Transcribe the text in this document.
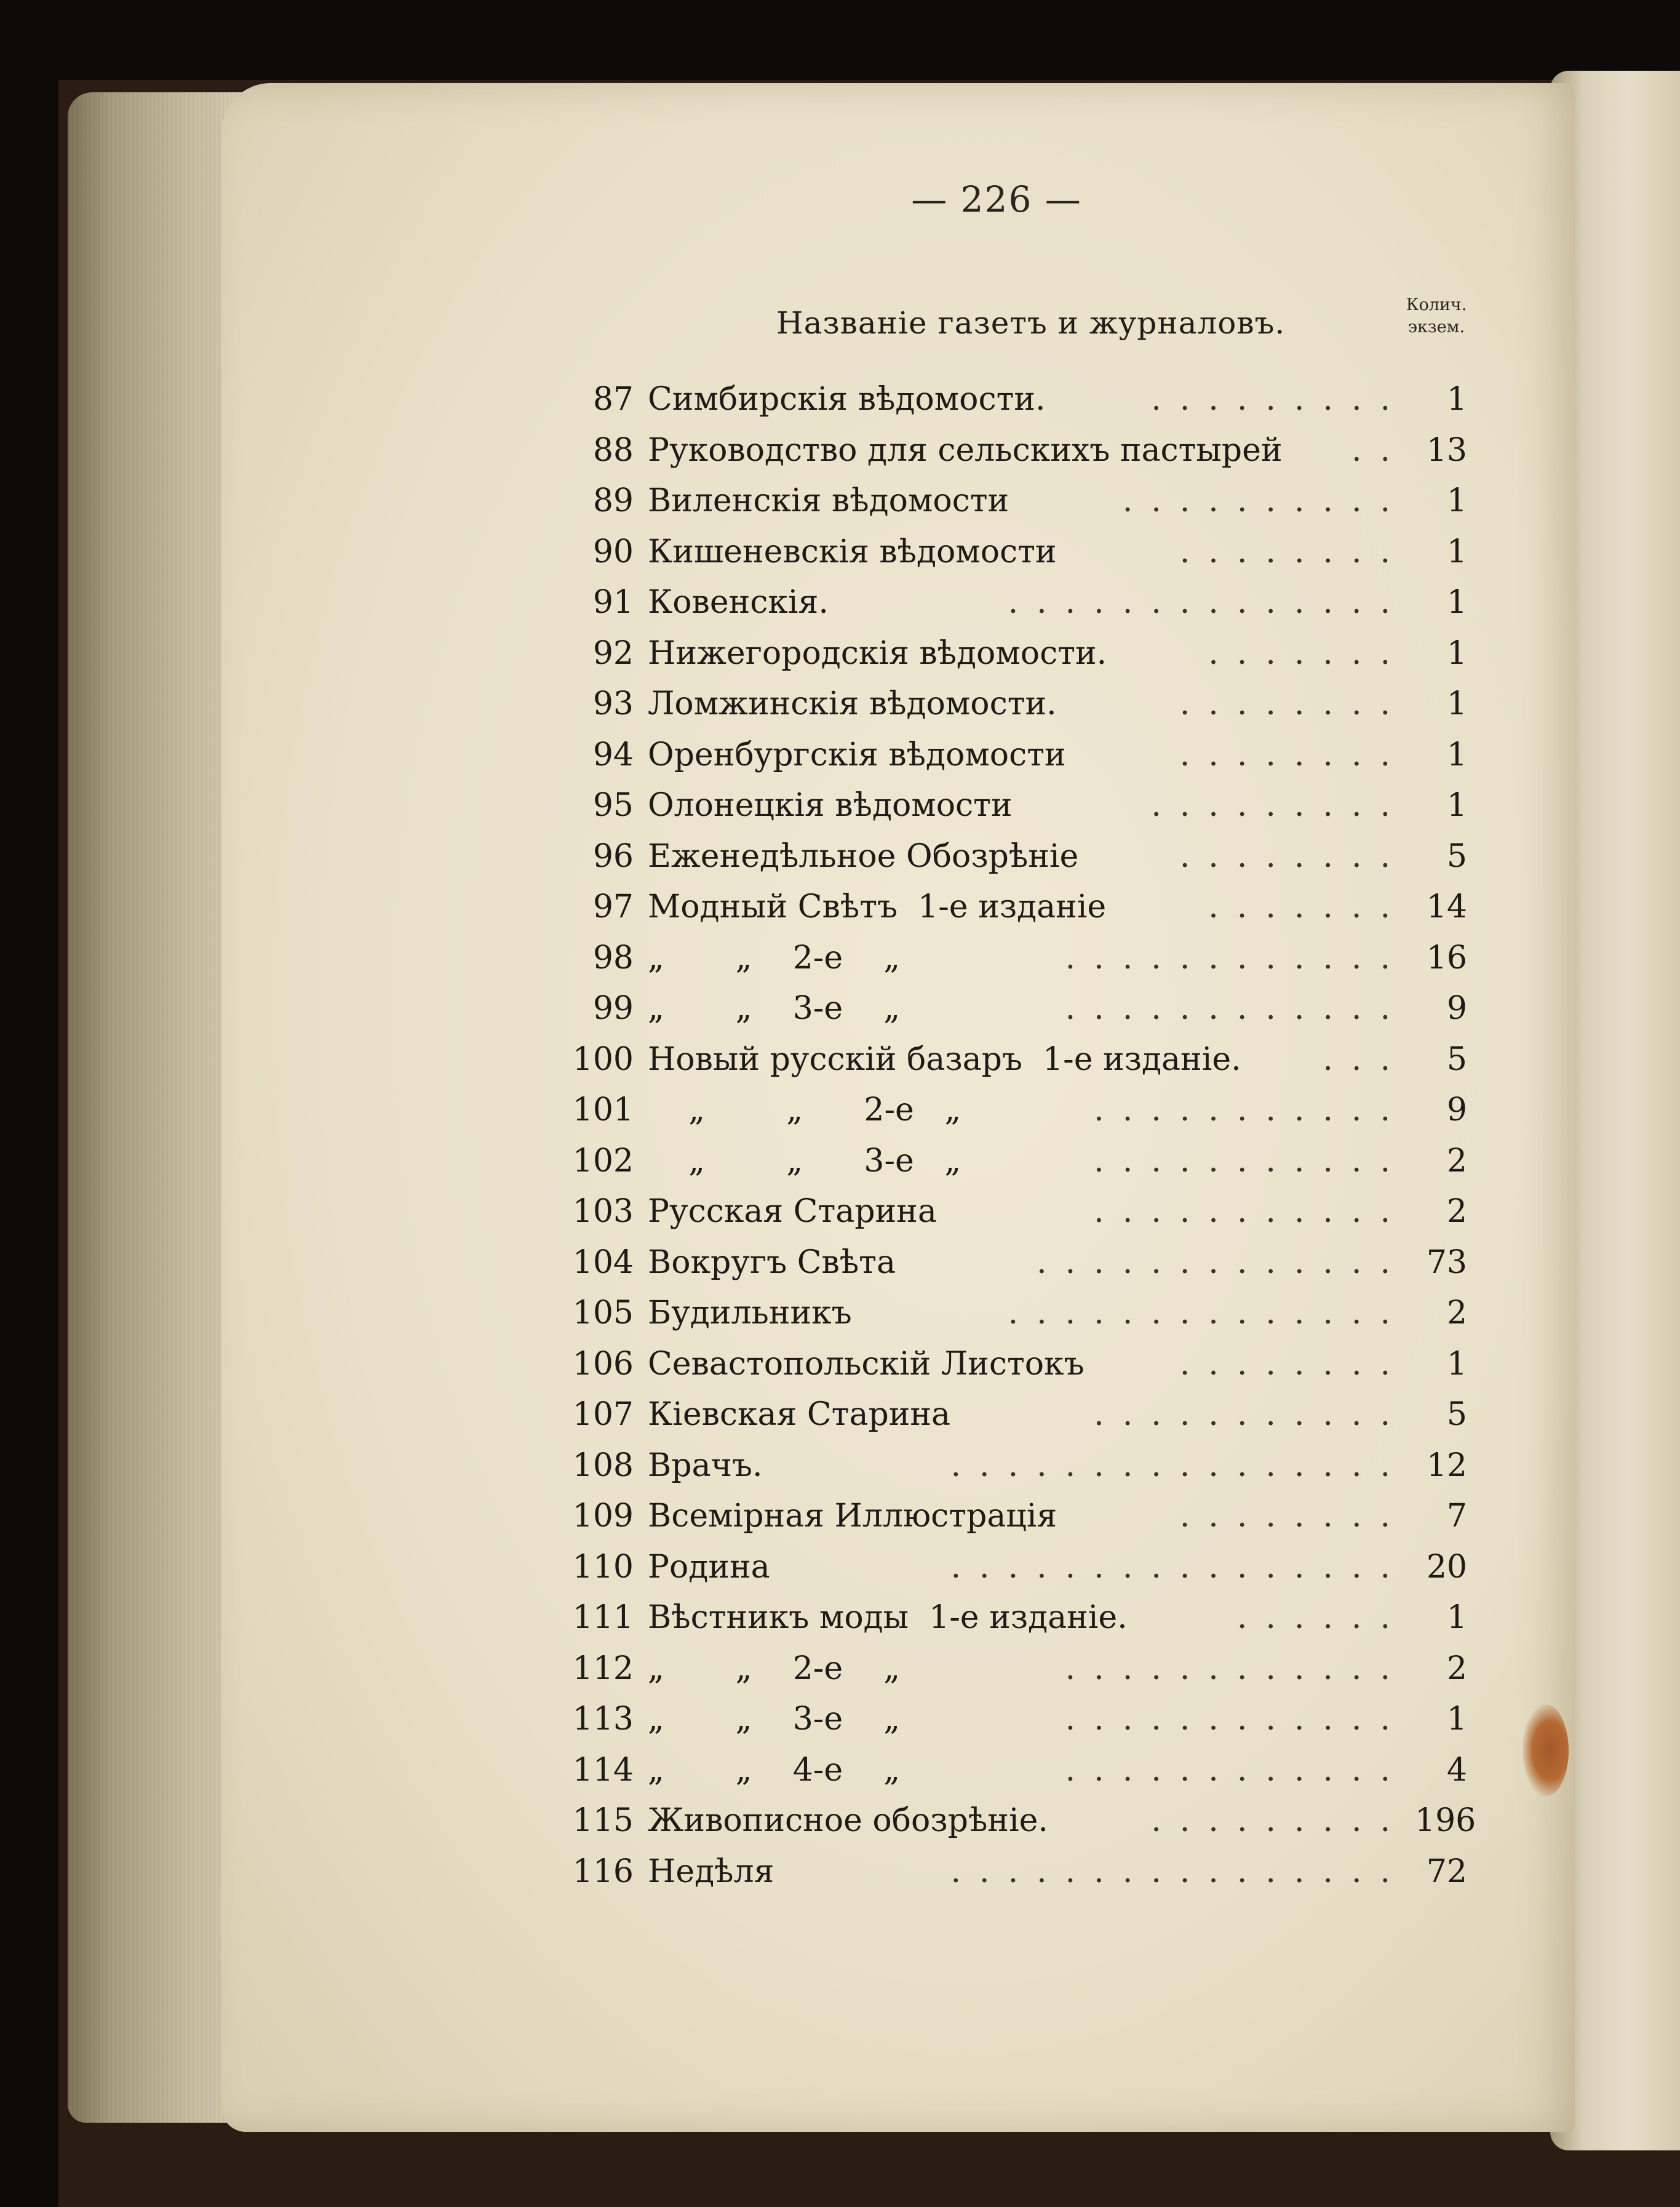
— 226 —
Названіе газетъ и журналовъ.
Колич.
экзем.
87 Симбирскія вѣдомости.	.........	1
88 Руководство для сельскихъ пастырей .. 13
89 Виленскія вѣдомости	..........	1
90 Кишеневскія вѣдомости	........	1
91 Ковенскія.	..............	1
92 Нижегородскія вѣдомости.	.......	1
93 Ломжинскія вѣдомости.	........	1
94 Оренбургскія вѣдомости	........	1
95 Олонецкія вѣдомости	.........	1
96 Еженедѣльное Обозрѣніе	........	5
97 Модный Свѣтъ  1-е изданіе	....... 14
98 „       „    2-е    „	............ 16
99 „       „    3-е    „	............	9
100 Новый русскій базаръ  1-е изданіе.	...	5
101 „        „      2-е   „	...........	9
102 „        „      3-е   „	...........	2
103 Русская Старина	...........	2
104 Вокругъ Свѣта	............. 73
105 Будильникъ	..............	2
106 Севастопольскій Листокъ	........	1
107 Кіевская Старина	...........	5
108 Врачъ.	................ 12
109 Всемірная Иллюстрація	........	7
110 Родина	................ 20
111 Вѣстникъ моды  1-е изданіе.	......	1
112 „       „    2-е    „	............	2
113 „       „    3-е    „	............	1
114 „       „    4-е    „	............	4
115 Живописное обозрѣніе.	......... 196
116 Недѣля	................ 72
